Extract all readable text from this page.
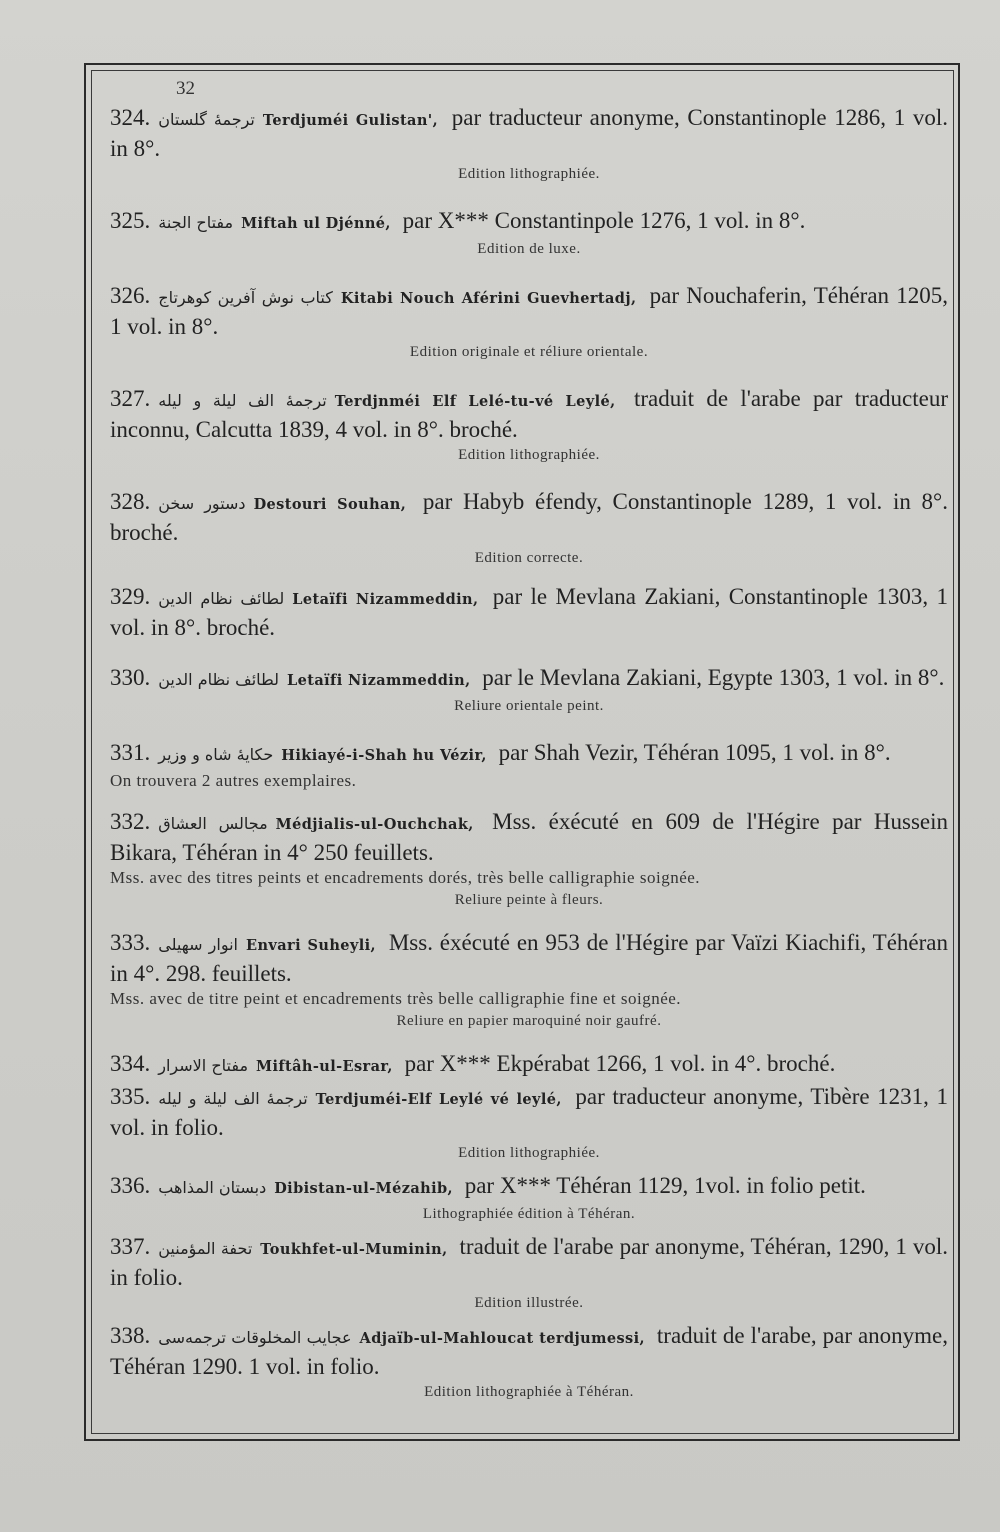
32

324. ترجمهٔ گلستان Terdjuméi Gulistan', par traducteur anonyme, Constantinople 1286, 1 vol. in 8°.

Edition lithographiée.

325. مفتاح الجنة Miftah ul Djénné, par X*** Constantinpole 1276, 1 vol. in 8°.

Edition de luxe.

326. كتاب نوش آفرين كوهرتاج Kitabi Nouch Aférini Guevhertadj, par Nouchaferin, Téhéran 1205, 1 vol. in 8°.

Edition originale et réliure orientale.

327. ترجمهٔ الف ليلة و ليله Terdjnméi Elf Lelé-tu-vé Leylé, traduit de l'arabe par traducteur inconnu, Calcutta 1839, 4 vol. in 8°. broché.

Edition lithographiée.

328. دستور سخن Destouri Souhan, par Habyb éfendy, Constantinople 1289, 1 vol. in 8°. broché.

Edition correcte.

329. لطائف نظام الدين Letaïfi Nizammeddin, par le Mevlana Zakiani, Constantinople 1303, 1 vol. in 8°. broché.

330. لطائف نظام الدين Letaïfi Nizammeddin, par le Mevlana Zakiani, Egypte 1303, 1 vol. in 8°.

Reliure orientale peint.

331. حكايهٔ شاه و وزير Hikiayé-i-Shah hu Vézir, par Shah Vezir, Téhéran 1095, 1 vol. in 8°.

On trouvera 2 autres exemplaires.

332. مجالس العشاق Médjialis-ul-Ouchchak, Mss. éxécuté en 609 de l'Hégire par Hussein Bikara, Téhéran in 4° 250 feuillets.

Mss. avec des titres peints et encadrements dorés, très belle calligraphie soignée.

Reliure peinte à fleurs.

333. انوار سهيلى Envari Suheyli, Mss. éxécuté en 953 de l'Hégire par Vaïzi Kiachifi, Téhéran in 4°. 298. feuillets.

Mss. avec de titre peint et encadrements très belle calligraphie fine et soignée.

Reliure en papier maroquiné noir gaufré.

334. مفتاح الاسرار Miftâh-ul-Esrar, par X*** Ekpérabat 1266, 1 vol. in 4°. broché.

335. ترجمهٔ الف ليلة و ليله Terdjuméi-Elf Leylé vé leylé, par traducteur anonyme, Tibère 1231, 1 vol. in folio.

Edition lithographiée.

336. دبستان المذاهب Dibistan-ul-Mézahib, par X*** Téhéran 1129, 1vol. in folio petit.

Lithographiée édition à Téhéran.

337. تحفة المؤمنين Toukhfet-ul-Muminin, traduit de l'arabe par anonyme, Téhéran, 1290, 1 vol. in folio.

Edition illustrée.

338. عجايب المخلوقات ترجمه‌سى Adjaïb-ul-Mahloucat terdjumessi, traduit de l'arabe, par anonyme, Téhéran 1290. 1 vol. in folio.

Edition lithographiée à Téhéran.
